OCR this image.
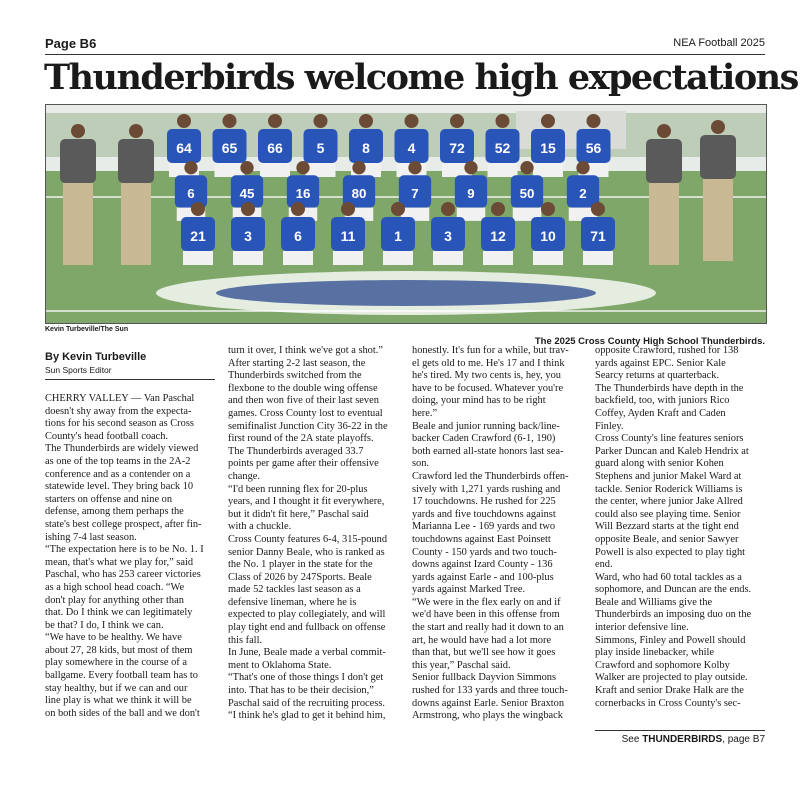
Page B6	NEA Football 2025
Thunderbirds welcome high expectations
64 65 66 5	8	4 72 52 15 56
6	45	16	80	7	9	50	2
21	3	6	11	1	3	12 10 71
Kevin Turbeville/The Sun
The 2025 Cross County High School Thunderbirds.
By Kevin Turbeville
Sun Sports Editor

CHERRY VALLEY — Van Paschal

doesn't shy away from the expecta-

tions for his second season as Cross

County's head football coach.

The Thunderbirds are widely viewed

as one of the top teams in the 2A-2

conference and as a contender on a

statewide level. They bring back 10

starters on offense and nine on

defense, among them perhaps the

state's best college prospect, after fin-

ishing 7-4 last season.

“The expectation here is to be No. 1. I

mean, that's what we play for,” said

Paschal, who has 253 career victories

as a high school head coach. “We

don't play for anything other than

that. Do I think we can legitimately

be that? I do, I think we can.

“We have to be healthy. We have

about 27, 28 kids, but most of them

play somewhere in the course of a

ballgame. Every football team has to

stay healthy, but if we can and our

line play is what we think it will be

on both sides of the ball and we don't

turn it over, I think we've got a shot.”

After starting 2-2 last season, the

Thunderbirds switched from the

flexbone to the double wing offense

and then won five of their last seven

games. Cross County lost to eventual

semifinalist Junction City 36-22 in the

first round of the 2A state playoffs.

The Thunderbirds averaged 33.7

points per game after their offensive

change.

“I'd been running flex for 20-plus

years, and I thought it fit everywhere,

but it didn't fit here,” Paschal said

with a chuckle.

Cross County features 6-4, 315-pound

senior Danny Beale, who is ranked as

the No. 1 player in the state for the

Class of 2026 by 247Sports. Beale

made 52 tackles last season as a

defensive lineman, where he is

expected to play collegiately, and will

play tight end and fullback on offense

this fall.

In June, Beale made a verbal commit-

ment to Oklahoma State.

“That's one of those things I don't get

into. That has to be their decision,”

Paschal said of the recruiting process.

“I think he's glad to get it behind him,

honestly. It's fun for a while, but trav-

el gets old to me. He's 17 and I think

he's tired. My two cents is, hey, you

have to be focused. Whatever you're

doing, your mind has to be right

here.”

Beale and junior running back/line-

backer Caden Crawford (6-1, 190)

both earned all-state honors last sea-

son.

Crawford led the Thunderbirds offen-

sively with 1,271 yards rushing and

17 touchdowns. He rushed for 225

yards and five touchdowns against

Marianna Lee - 169 yards and two

touchdowns against East Poinsett

County - 150 yards and two touch-

downs against Izard County - 136

yards against Earle - and 100-plus

yards against Marked Tree.

“We were in the flex early on and if

we'd have been in this offense from

the start and really had it down to an

art, he would have had a lot more

than that, but we'll see how it goes

this year,” Paschal said.

Senior fullback Dayvion Simmons

rushed for 133 yards and three touch-

downs against Earle. Senior Braxton

Armstrong, who plays the wingback

opposite Crawford, rushed for 138

yards against EPC. Senior Kale

Searcy returns at quarterback.

The Thunderbirds have depth in the

backfield, too, with juniors Rico

Coffey, Ayden Kraft and Caden

Finley.

Cross County's line features seniors

Parker Duncan and Kaleb Hendrix at

guard along with senior Kohen

Stephens and junior Makel Ward at

tackle. Senior Roderick Williams is

the center, where junior Jake Allred

could also see playing time. Senior

Will Bezzard starts at the tight end

opposite Beale, and senior Sawyer

Powell is also expected to play tight

end.

Ward, who had 60 total tackles as a

sophomore, and Duncan are the ends.

Beale and Williams give the

Thunderbirds an imposing duo on the

interior defensive line.

Simmons, Finley and Powell should

play inside linebacker, while

Crawford and sophomore Kolby

Walker are projected to play outside.

Kraft and senior Drake Halk are the

cornerbacks in Cross County's sec-

See THUNDERBIRDS, page B7
